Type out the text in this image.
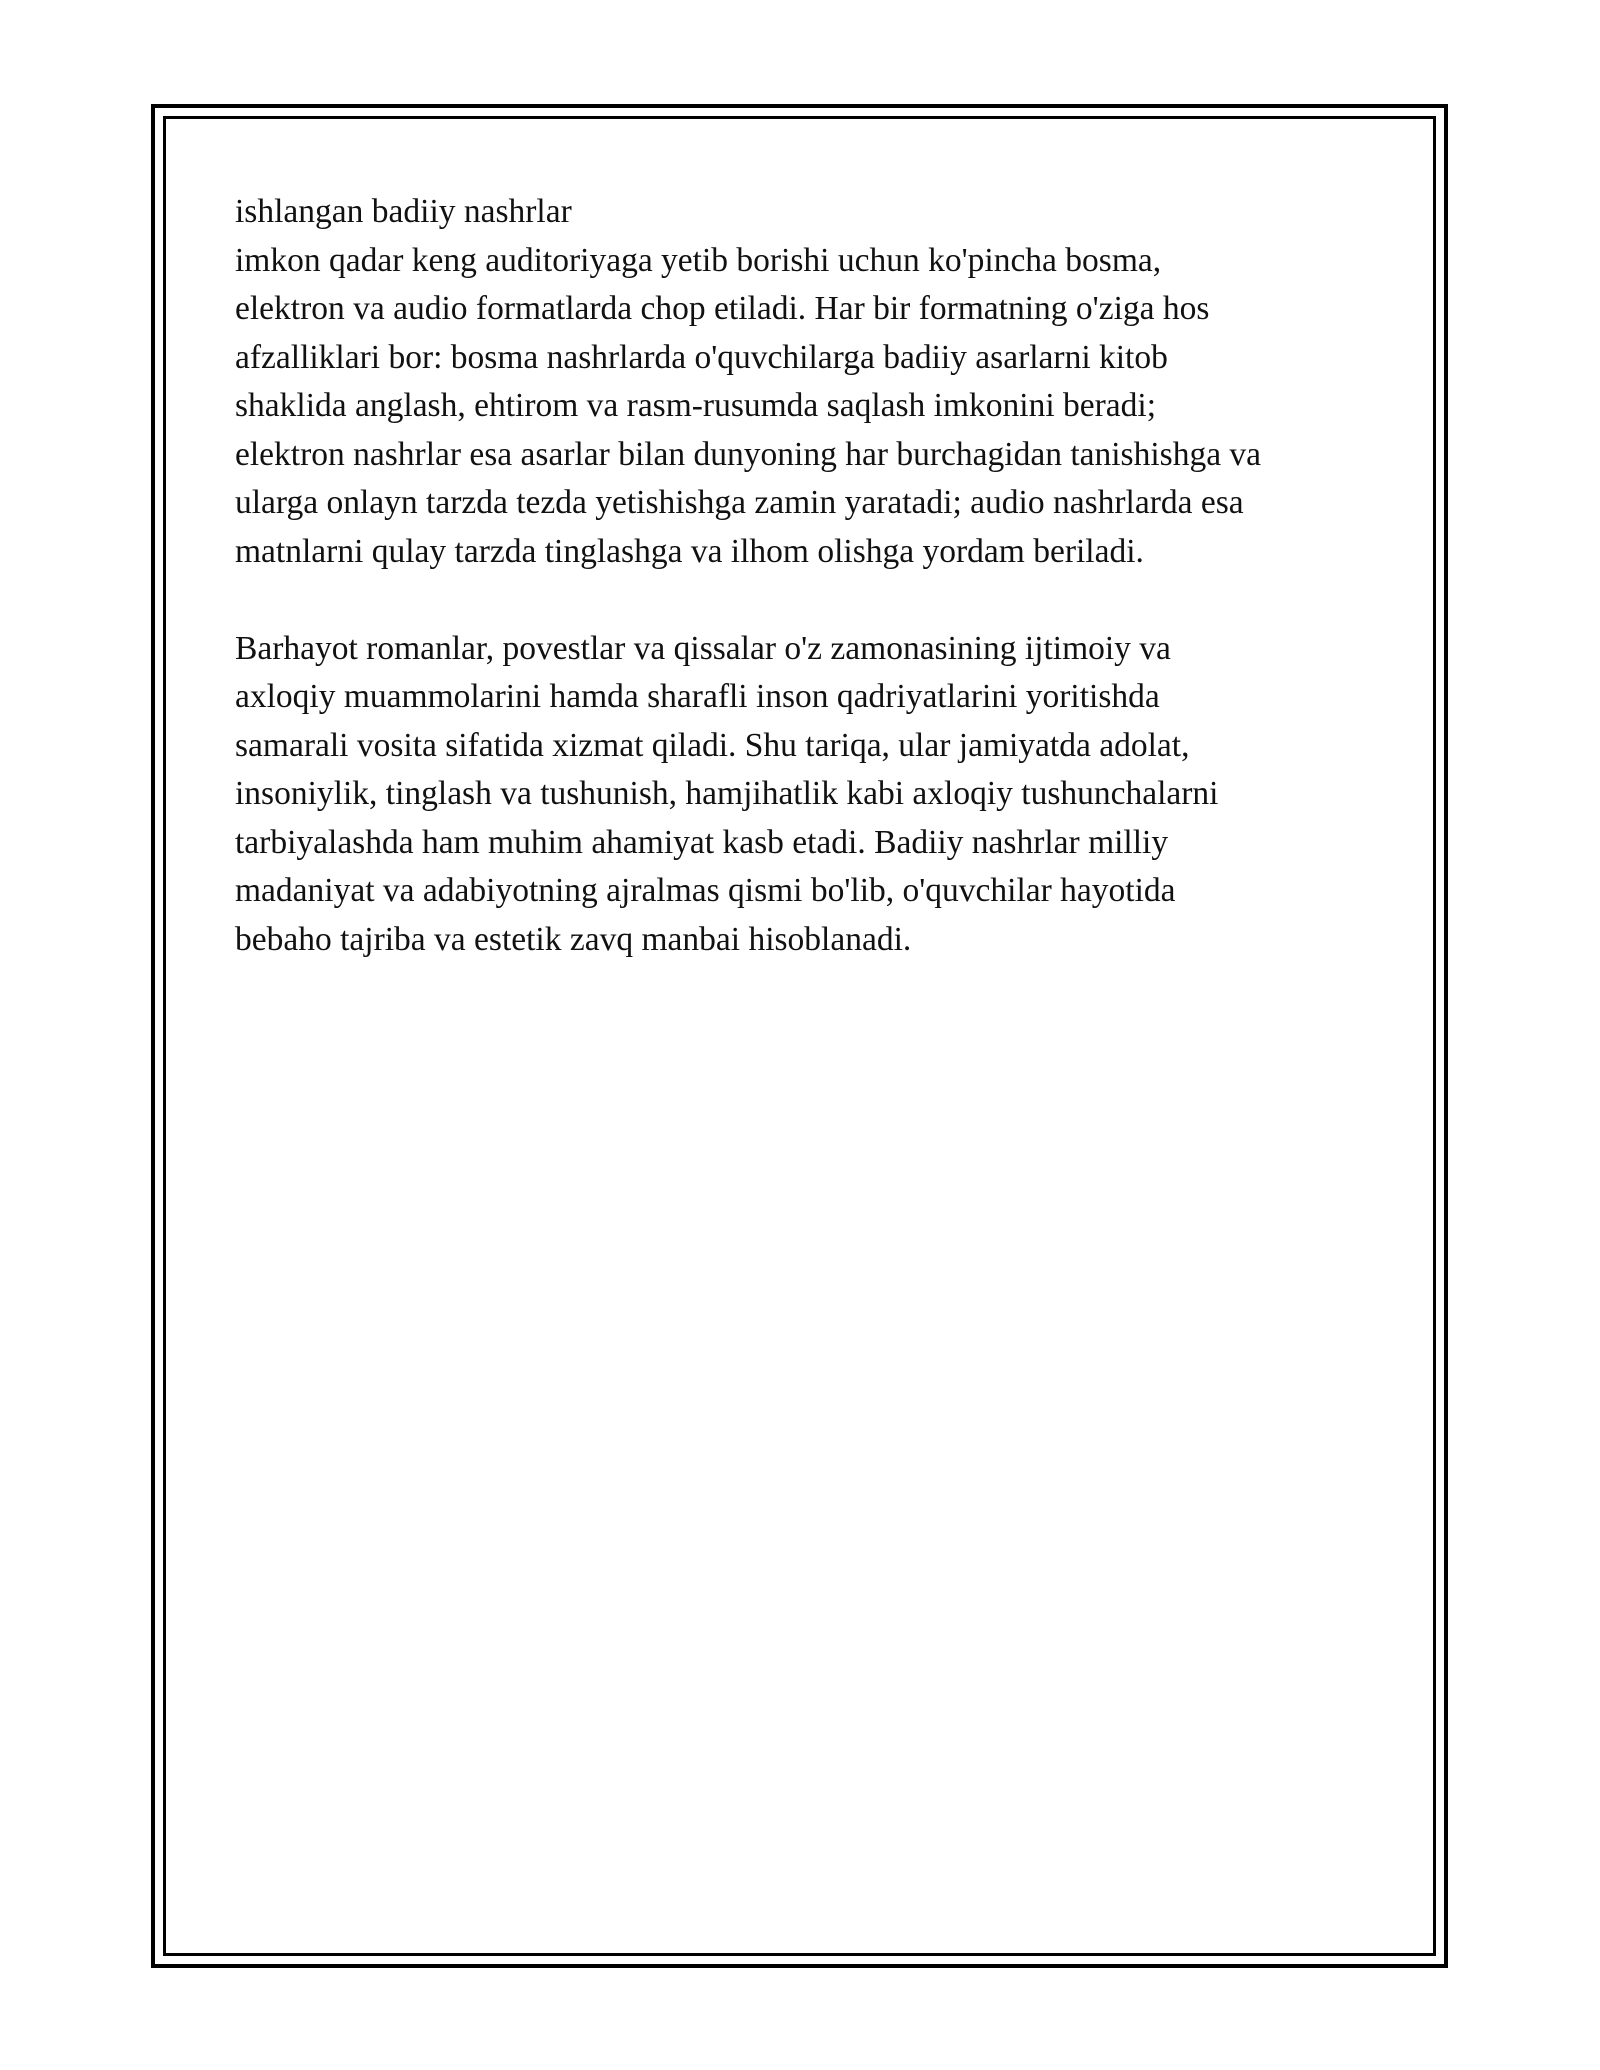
ishlangan badiiy nashrlar
imkon qadar keng auditoriyaga yetib borishi uchun ko'pincha bosma,
elektron va audio formatlarda chop etiladi. Har bir formatning o'ziga hos
afzalliklari bor: bosma nashrlarda o'quvchilarga badiiy asarlarni kitob
shaklida anglash, ehtirom va rasm-rusumda saqlash imkonini beradi;
elektron nashrlar esa asarlar bilan dunyoning har burchagidan tanishishga va
ularga onlayn tarzda tezda yetishishga zamin yaratadi; audio nashrlarda esa
matnlarni qulay tarzda tinglashga va ilhom olishga yordam beriladi.
Barhayot romanlar, povestlar va qissalar o'z zamonasining ijtimoiy va
axloqiy muammolarini hamda sharafli inson qadriyatlarini yoritishda
samarali vosita sifatida xizmat qiladi. Shu tariqa, ular jamiyatda adolat,
insoniylik, tinglash va tushunish, hamjihatlik kabi axloqiy tushunchalarni
tarbiyalashda ham muhim ahamiyat kasb etadi. Badiiy nashrlar milliy
madaniyat va adabiyotning ajralmas qismi bo'lib, o'quvchilar hayotida
bebaho tajriba va estetik zavq manbai hisoblanadi.
